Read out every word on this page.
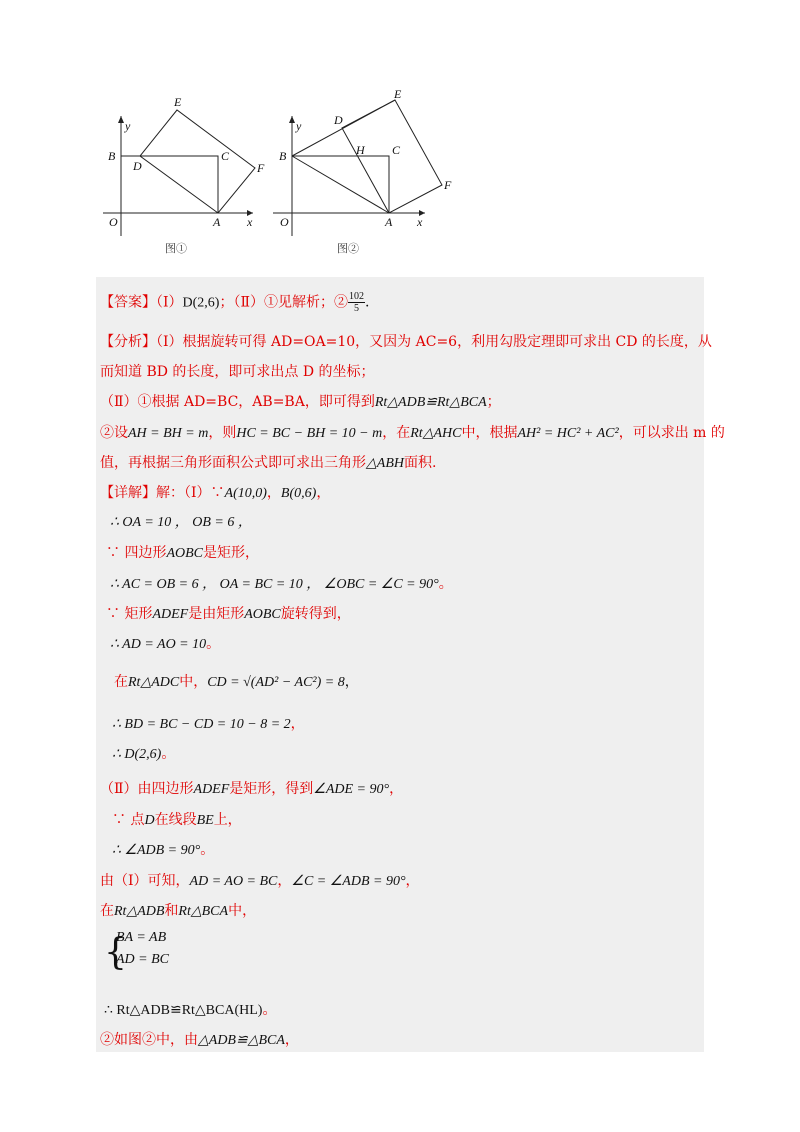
y
x
O	A
B	C
D
E
F
图①
y
x
O	A
B	C
D
E
F
H
图②
【答案】（Ⅰ）D(2,6)；（Ⅱ）①见解析；② $\frac{102}{5}$ .
【分析】（Ⅰ）根据旋转可得 AD=OA=10，又因为 AC=6，利用勾股定理即可求出 CD 的长度，从
而知道 BD 的长度，即可求出点 D 的坐标；
（Ⅱ）①根据 AD=BC，AB=BA，即可得到Rt△ADB≌Rt△BCA；
②设AH = BH = m，则HC = BC − BH = 10 − m，在Rt△AHC中，根据AH² = HC² + AC²，可以求出 m 的
值，再根据三角形面积公式即可求出三角形△ABH面积.
【详解】解：（Ⅰ）∵A(10,0)，B(0,6)，
∴ OA = 10 ， OB = 6 ，
∵ 四边形AOBC是矩形，
∴ AC = OB = 6 ， OA = BC = 10 ， ∠OBC = ∠C = 90°。
∵ 矩形ADEF是由矩形AOBC旋转得到，
∴ AD = AO = 10。
在Rt△ADC中，CD = √(AD² − AC²) = 8，
∴ BD = BC − CD = 10 − 8 = 2，
∴ D(2,6)。
（Ⅱ）由四边形ADEF是矩形，得到∠ADE = 90°，
∵ 点D在线段BE上，
∴ ∠ADB = 90°。
由（Ⅰ）可知，AD = AO = BC，∠C = ∠ADB = 90°，
在Rt△ADB和Rt△BCA中，
{
BA = AB
AD = BC
∴ Rt△ADB≌Rt△BCA(HL)。
②如图②中，由△ADB≌△BCA，
